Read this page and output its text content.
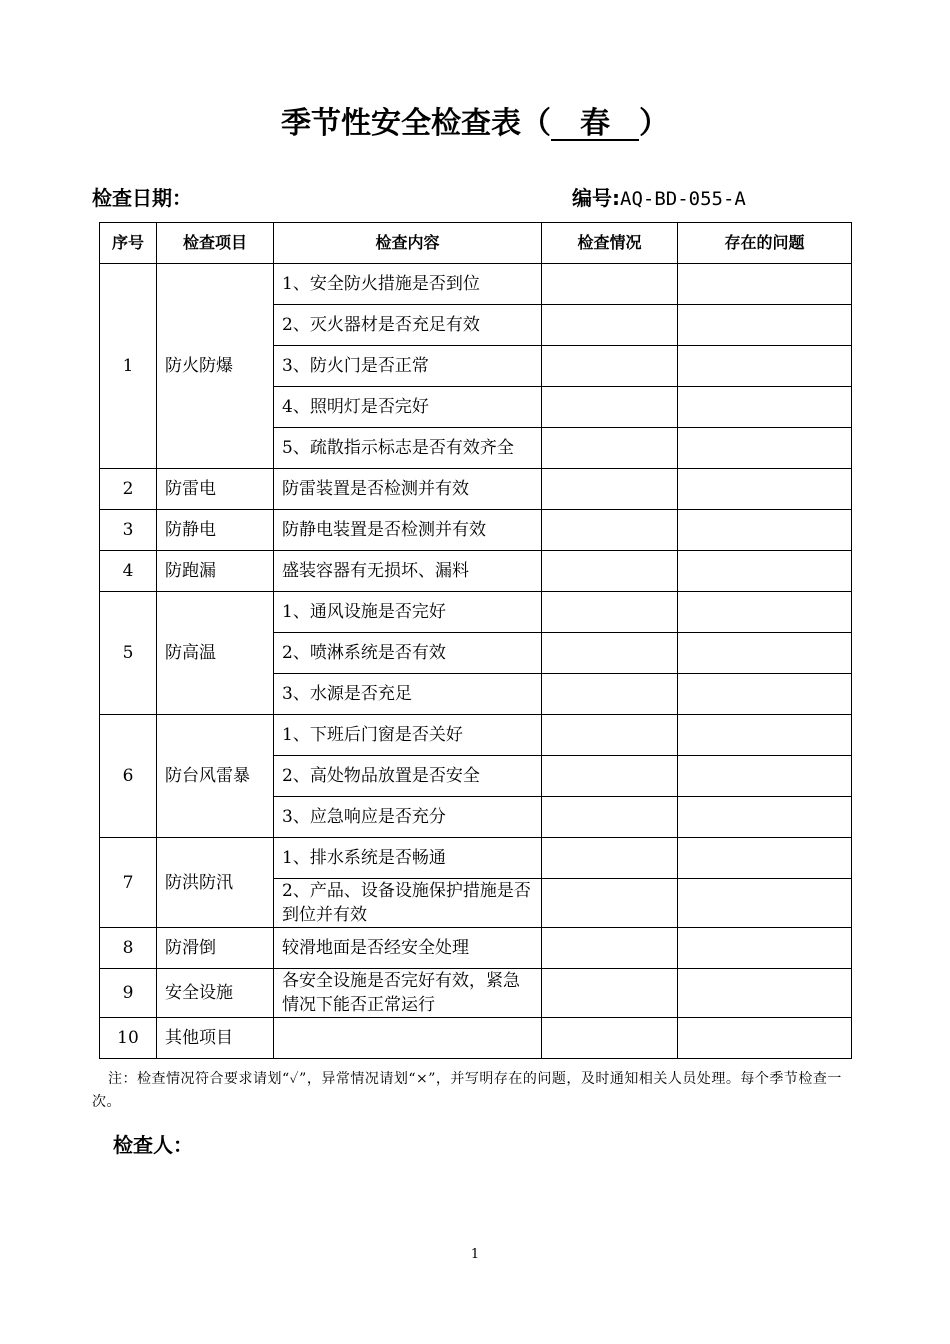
季节性安全检查表（ 春 ）
检查日期：	编号:AQ-BD-055-A
序号	检查项目	检查内容	检查情况	存在的问题
1	防火防爆	1、安全防火措施是否到位		
		2、灭火器材是否充足有效		
		3、防火门是否正常		
		4、照明灯是否完好		
		5、疏散指示标志是否有效齐全		
2	防雷电	防雷装置是否检测并有效		
3	防静电	防静电装置是否检测并有效		
4	防跑漏	盛装容器有无损坏、漏料		
5	防高温	1、通风设施是否完好		
		2、喷淋系统是否有效		
		3、水源是否充足		
6	防台风雷暴	1、下班后门窗是否关好		
		2、高处物品放置是否安全		
		3、应急响应是否充分		
7	防洪防汛	1、排水系统是否畅通		
		2、产品、设备设施保护措施是否到位并有效		
8	防滑倒	较滑地面是否经安全处理		
9	安全设施	各安全设施是否完好有效，紧急情况下能否正常运行		
10	其他项目			
注：检查情况符合要求请划“✓”，异常情况请划“×”，并写明存在的问题，及时通知相关人员处理。每个季节检查一次。
检查人：
1
